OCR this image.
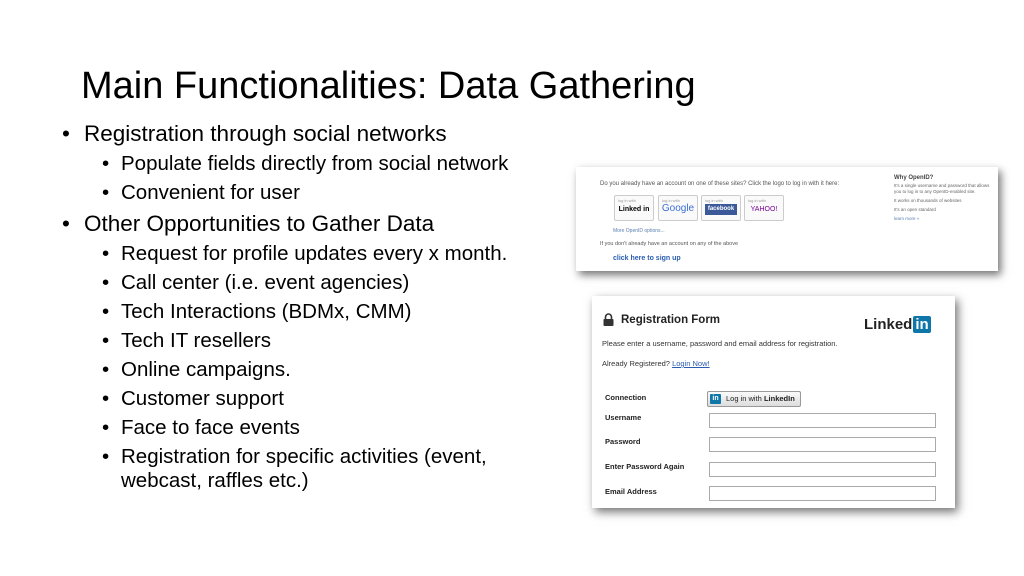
Main Functionalities: Data Gathering
• Registration through social networks
• Populate fields directly from social network
• Convenient for user
• Other Opportunities to Gather Data
• Request for profile updates every x month.
• Call center (i.e. event agencies)
• Tech Interactions (BDMx, CMM)
• Tech IT resellers
• Online campaigns.
• Customer support
• Face to face events
• Registration for specific activities (event, webcast, raffles etc.)
Do you already have an account on one of these sites? Click the logo to log in with it here:
log in with
Linked in
log in with
Google
log in with
facebook
log in with
YAHOO!
More OpenID options...
If you don't already have an account on any of the above
click here to sign up
Why OpenID?
It's a single username and password that allows you to log in to any OpenID-enabled site.
It works on thousands of websites
It's an open standard
learn more »
Registration Form	Linked in
Please enter a username, password and email address for registration.
Already Registered? Login Now!
Connection	in Log in with LinkedIn
Username
Password
Enter Password Again
Email Address
